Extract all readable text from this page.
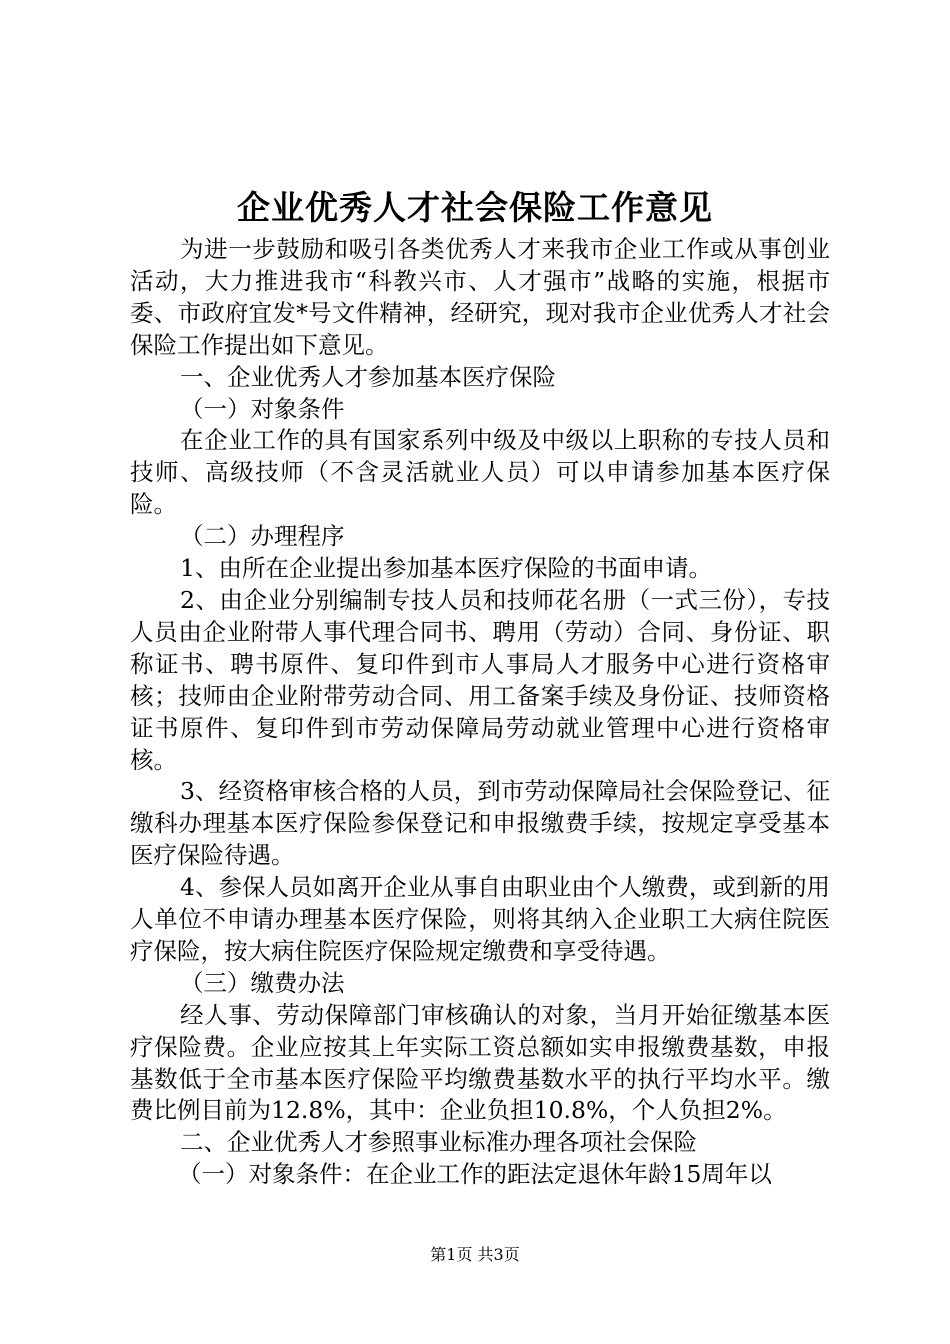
企业优秀人才社会保险工作意见

为进一步鼓励和吸引各类优秀人才来我市企业工作或从事创业活动，大力推进我市“科教兴市、人才强市”战略的实施，根据市委、市政府宜发*号文件精神，经研究，现对我市企业优秀人才社会保险工作提出如下意见。

一、企业优秀人才参加基本医疗保险

（一）对象条件

在企业工作的具有国家系列中级及中级以上职称的专技人员和技师、高级技师（不含灵活就业人员）可以申请参加基本医疗保险。

（二）办理程序

1、由所在企业提出参加基本医疗保险的书面申请。

2、由企业分别编制专技人员和技师花名册（一式三份），专技人员由企业附带人事代理合同书、聘用（劳动）合同、身份证、职称证书、聘书原件、复印件到市人事局人才服务中心进行资格审核；技师由企业附带劳动合同、用工备案手续及身份证、技师资格证书原件、复印件到市劳动保障局劳动就业管理中心进行资格审核。

3、经资格审核合格的人员，到市劳动保障局社会保险登记、征缴科办理基本医疗保险参保登记和申报缴费手续，按规定享受基本医疗保险待遇。

4、参保人员如离开企业从事自由职业由个人缴费，或到新的用人单位不申请办理基本医疗保险，则将其纳入企业职工大病住院医疗保险，按大病住院医疗保险规定缴费和享受待遇。

（三）缴费办法

经人事、劳动保障部门审核确认的对象，当月开始征缴基本医疗保险费。企业应按其上年实际工资总额如实申报缴费基数，申报基数低于全市基本医疗保险平均缴费基数水平的执行平均水平。缴费比例目前为12.8%，其中：企业负担10.8%，个人负担2%。

二、企业优秀人才参照事业标准办理各项社会保险

（一）对象条件：在企业工作的距法定退休年龄15周年以

第1页 共3页
